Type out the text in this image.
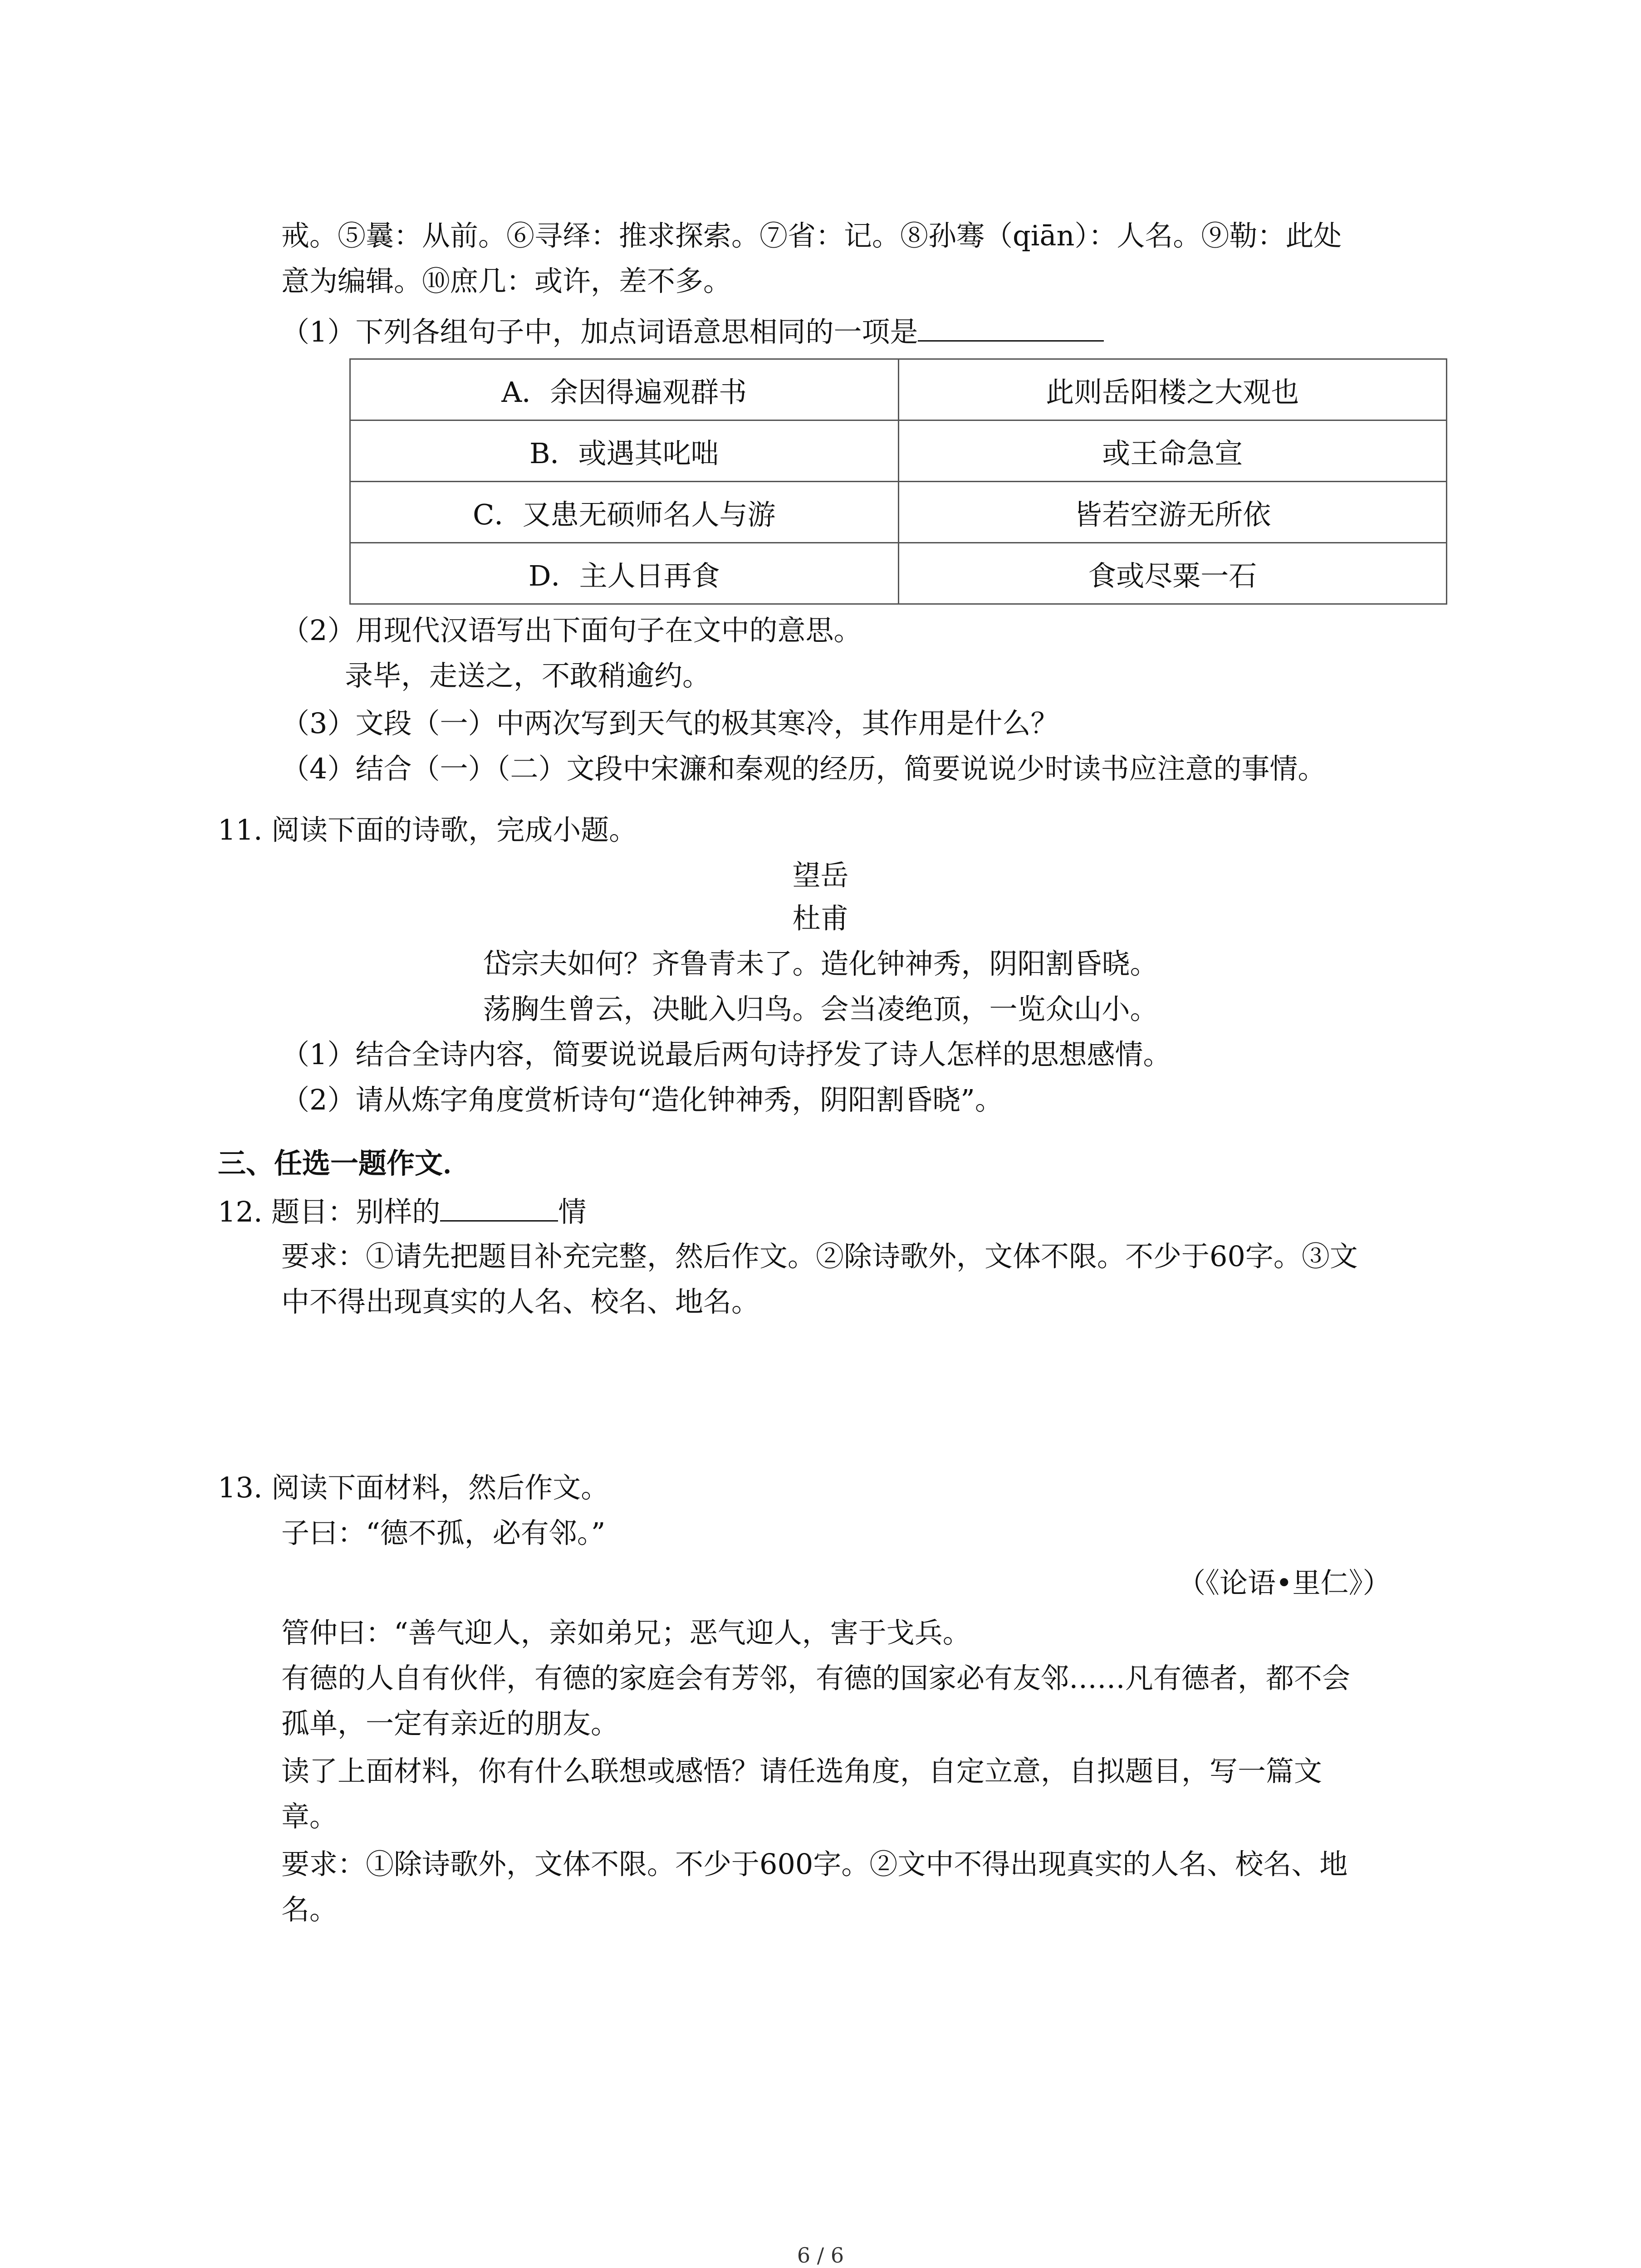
戒。⑤曩：从前。⑥寻绎：推求探索。⑦省：记。⑧孙骞（qiān）：人名。⑨勒：此处
意为编辑。⑩庶几：或许，差不多。
（1）下列各组句子中，加点词语意思相同的一项是
A．余因得遍观群书	此则岳阳楼之大观也
B．或遇其叱咄	或王命急宣
C．又患无硕师名人与游	皆若空游无所依
D．主人日再食	食或尽粟一石
（2）用现代汉语写出下面句子在文中的意思。
录毕，走送之，不敢稍逾约。
（3）文段（一）中两次写到天气的极其寒冷，其作用是什么？
（4）结合（一）（二）文段中宋濂和秦观的经历，简要说说少时读书应注意的事情。
11. 阅读下面的诗歌，完成小题。
望岳
杜甫
岱宗夫如何？齐鲁青未了。造化钟神秀，阴阳割昏晓。
荡胸生曾云，决眦入归鸟。会当凌绝顶，一览众山小。
（1）结合全诗内容，简要说说最后两句诗抒发了诗人怎样的思想感情。
（2）请从炼字角度赏析诗句“造化钟神秀，阴阳割昏晓”。
三、任选一题作文．
12. 题目：别样的	情
要求：①请先把题目补充完整，然后作文。②除诗歌外，文体不限。不少于60字。③文
中不得出现真实的人名、校名、地名。
13. 阅读下面材料，然后作文。
子曰：“德不孤，必有邻。”
（《论语•里仁》）
管仲曰：“善气迎人，亲如弟兄；恶气迎人，害于戈兵。
有德的人自有伙伴，有德的家庭会有芳邻，有德的国家必有友邻……凡有德者，都不会
孤单，一定有亲近的朋友。
读了上面材料，你有什么联想或感悟？请任选角度，自定立意，自拟题目，写一篇文
章。
要求：①除诗歌外，文体不限。不少于600字。②文中不得出现真实的人名、校名、地
名。
6 / 6
